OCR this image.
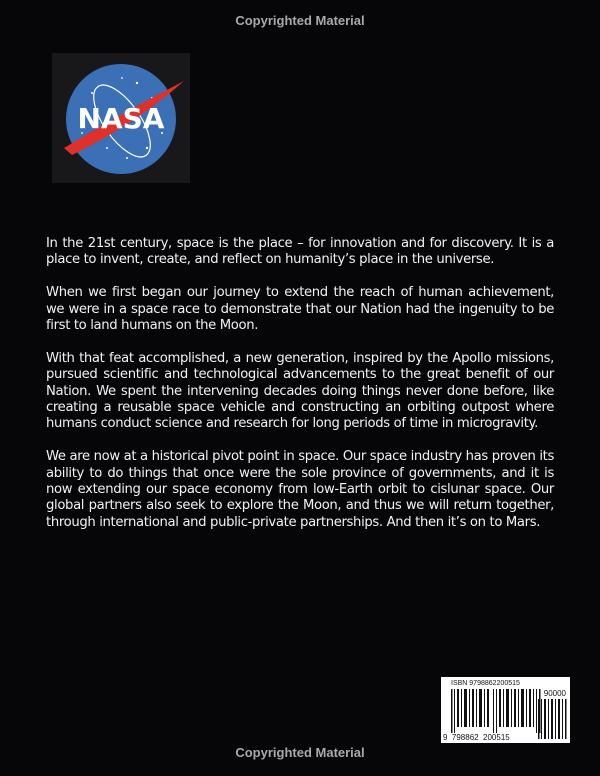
Copyrighted Material
NASA

In the 21st century, space is the place – for innovation and for discovery. It is a place to invent, create, and reflect on humanity’s place in the universe.

When we first began our journey to extend the reach of human achievement, we were in a space race to demonstrate that our Nation had the ingenuity to be first to land humans on the Moon.

With that feat accomplished, a new generation, inspired by the Apollo missions, pursued scientific and technological advancements to the great benefit of our Nation. We spent the intervening decades doing things never done before, like creating a reusable space vehicle and constructing an orbiting outpost where humans conduct science and research for long periods of time in microgravity.

We are now at a historical pivot point in space. Our space industry has proven its ability to do things that once were the sole province of governments, and it is now extending our space economy from low-Earth orbit to cislunar space. Our global partners also seek to explore the Moon, and thus we will return together, through international and public-private partnerships. And then it’s on to Mars.

ISBN 9798862200515
90000
9  798862  200515
Copyrighted Material
